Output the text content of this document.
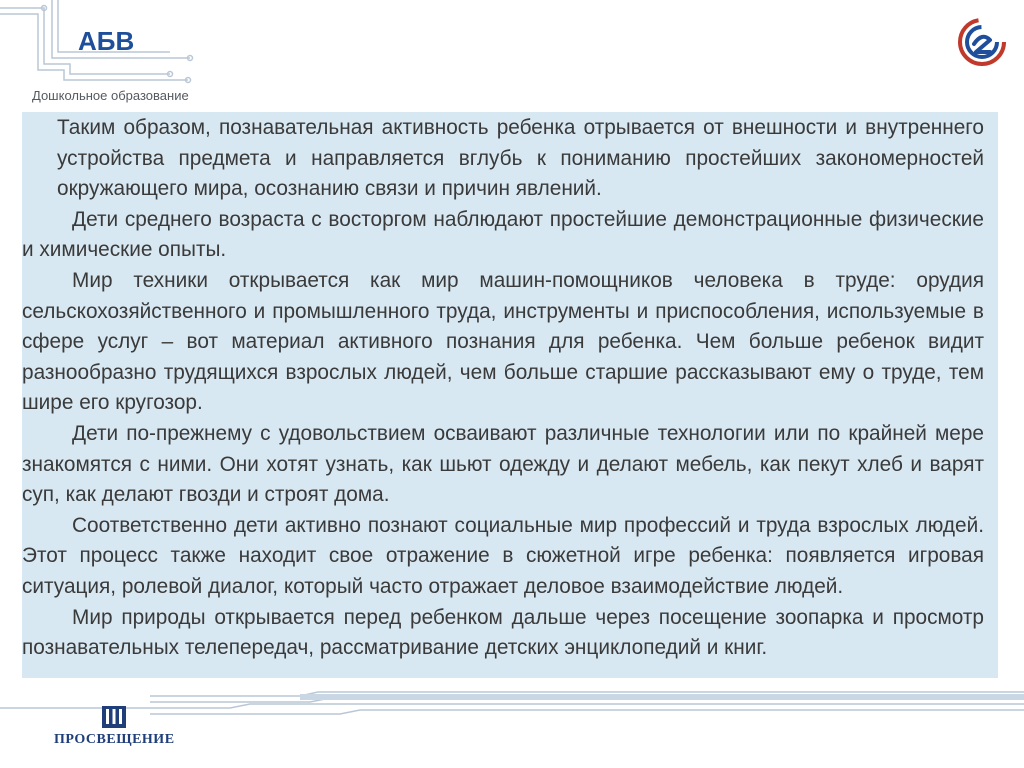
АБВ
Дошкольное образование

Таким образом, познавательная активность ребенка отрывается от внешности и внутреннего устройства предмета и направляется вглубь к пониманию простейших закономерностей окружающего мира, осознанию связи и причин явлений.

Дети среднего возраста с восторгом наблюдают простейшие демонстрационные физические и химические опыты.

Мир техники открывается как мир машин-помощников человека в труде: орудия сельскохозяйственного и промышленного труда, инструменты и приспособления, используемые в сфере услуг – вот материал активного познания для ребенка. Чем больше ребенок видит разнообразно трудящихся взрослых людей, чем больше старшие рассказывают ему о труде, тем шире его кругозор.

Дети по-прежнему с удовольствием осваивают различные технологии или по крайней мере знакомятся с ними. Они хотят узнать, как шьют одежду и делают мебель, как пекут хлеб и варят суп, как делают гвозди и строят дома.

Соответственно дети активно познают социальные мир профессий и труда взрослых людей. Этот процесс также находит свое отражение в сюжетной игре ребенка: появляется игровая ситуация, ролевой диалог, который часто отражает деловое взаимодействие людей.

Мир природы открывается перед ребенком дальше через посещение зоопарка и просмотр познавательных телепередач, рассматривание детских энциклопедий и книг.

ПРОСВЕЩЕНИЕ
